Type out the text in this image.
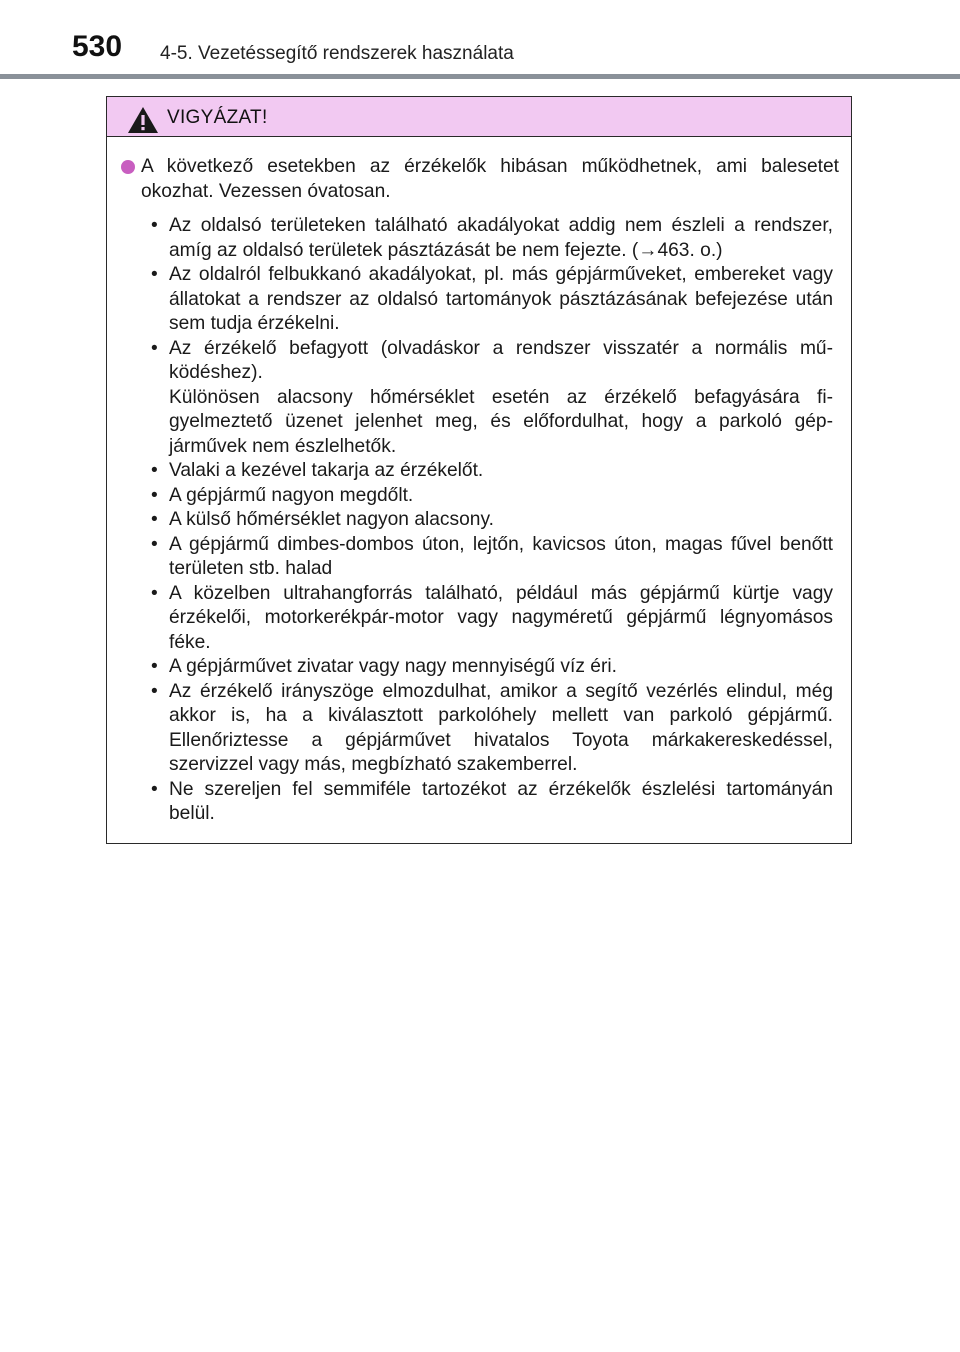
530 4-5. Vezetéssegítő rendszerek használata
VIGYÁZAT!
A következő esetekben az érzékelők hibásan működhetnek, ami balesetet okozhat. Vezessen óvatosan.
• Az oldalsó területeken található akadályokat addig nem észleli a rendszer, amíg az oldalsó területek pásztázását be nem fejezte. (→463. o.)
• Az oldalról felbukkanó akadályokat, pl. más gépjárműveket, embereket vagy állatokat a rendszer az oldalsó tartományok pásztázásának befejezése után sem tudja érzékelni.
• Az érzékelő befagyott (olvadáskor a rendszer visszatér a normális működéshez).
Különösen alacsony hőmérséklet esetén az érzékelő befagyására figyelmeztető üzenet jelenhet meg, és előfordulhat, hogy a parkoló gépjárművek nem észlelhetők.
• Valaki a kezével takarja az érzékelőt.
• A gépjármű nagyon megdőlt.
• A külső hőmérséklet nagyon alacsony.
• A gépjármű dimbes-dombos úton, lejtőn, kavicsos úton, magas fűvel benőtt területen stb. halad
• A közelben ultrahangforrás található, például más gépjármű kürtje vagy érzékelői, motorkerékpár-motor vagy nagyméretű gépjármű légnyomásos féke.
• A gépjárművet zivatar vagy nagy mennyiségű víz éri.
• Az érzékelő irányszöge elmozdulhat, amikor a segítő vezérlés elindul, még akkor is, ha a kiválasztott parkolóhely mellett van parkoló gépjármű. Ellenőriztesse a gépjárművet hivatalos Toyota márkakereskedéssel, szervizzel vagy más, megbízható szakemberrel.
• Ne szereljen fel semmiféle tartozékot az érzékelők észlelési tartományán belül.
